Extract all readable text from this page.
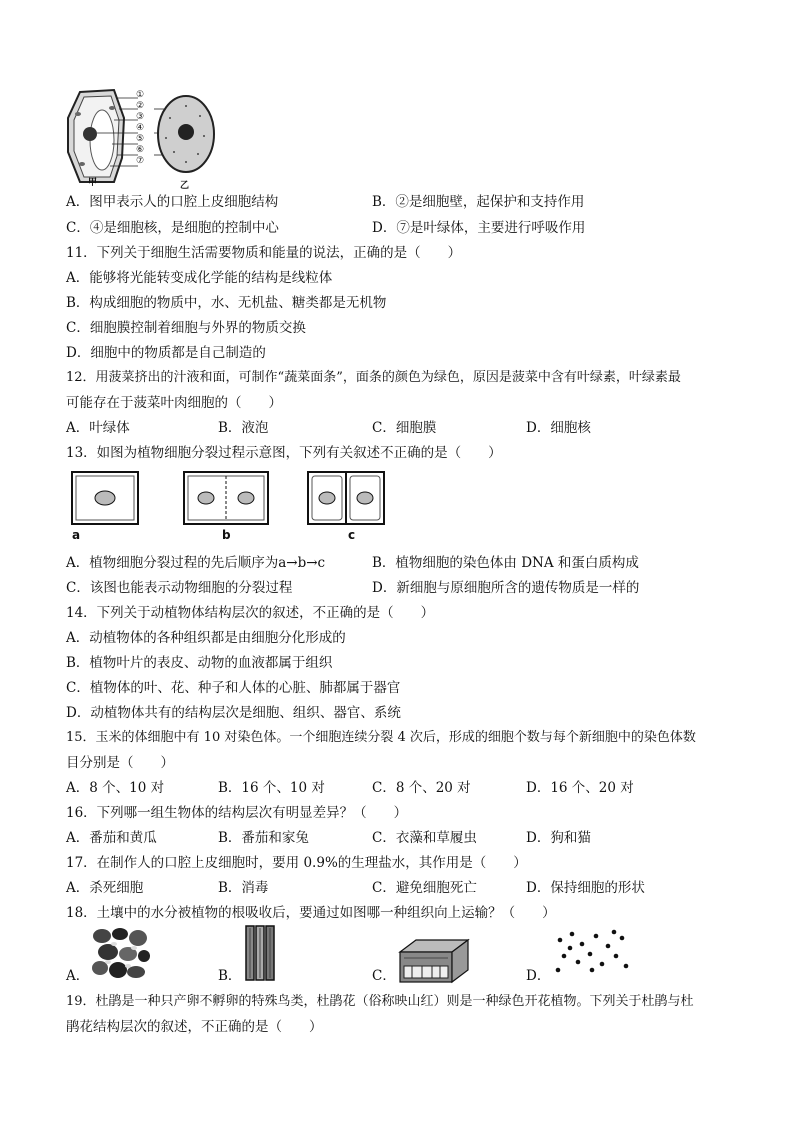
①
②
③
④
⑤
⑥
⑦
甲	乙
A．图甲表示人的口腔上皮细胞结构	B．②是细胞壁，起保护和支持作用
C．④是细胞核，是细胞的控制中心	D．⑦是叶绿体，主要进行呼吸作用
11．下列关于细胞生活需要物质和能量的说法，正确的是（　　）
A．能够将光能转变成化学能的结构是线粒体
B．构成细胞的物质中，水、无机盐、糖类都是无机物
C．细胞膜控制着细胞与外界的物质交换
D．细胞中的物质都是自己制造的
12．用菠菜挤出的汁液和面，可制作“蔬菜面条”，面条的颜色为绿色，原因是菠菜中含有叶绿素，叶绿素最
可能存在于菠菜叶肉细胞的（　　）
A．叶绿体	B．液泡	C．细胞膜	D．细胞核
13．如图为植物细胞分裂过程示意图，下列有关叙述不正确的是（　　）
a	b	c
A．植物细胞分裂过程的先后顺序为a→b→c	B．植物细胞的染色体由 DNA 和蛋白质构成
C．该图也能表示动物细胞的分裂过程	D．新细胞与原细胞所含的遗传物质是一样的
14．下列关于动植物体结构层次的叙述，不正确的是（　　）
A．动植物体的各种组织都是由细胞分化形成的
B．植物叶片的表皮、动物的血液都属于组织
C．植物体的叶、花、种子和人体的心脏、肺都属于器官
D．动植物体共有的结构层次是细胞、组织、器官、系统
15．玉米的体细胞中有 10 对染色体。一个细胞连续分裂 4 次后，形成的细胞个数与每个新细胞中的染色体数
目分别是（　　）
A．8 个、10 对	B．16 个、10 对	C．8 个、20 对	D．16 个、20 对
16．下列哪一组生物体的结构层次有明显差异？（　　）
A．番茄和黄瓜	B．番茄和家兔	C．衣藻和草履虫	D．狗和猫
17．在制作人的口腔上皮细胞时，要用 0.9%的生理盐水，其作用是（　　）
A．杀死细胞	B．消毒	C．避免细胞死亡	D．保持细胞的形状
18．土壤中的水分被植物的根吸收后，要通过如图哪一种组织向上运输？（　　）
A．	B．	C．	D．
19．杜鹃是一种只产卵不孵卵的特殊鸟类，杜鹃花（俗称映山红）则是一种绿色开花植物。下列关于杜鹃与杜
鹃花结构层次的叙述，不正确的是（　　）
